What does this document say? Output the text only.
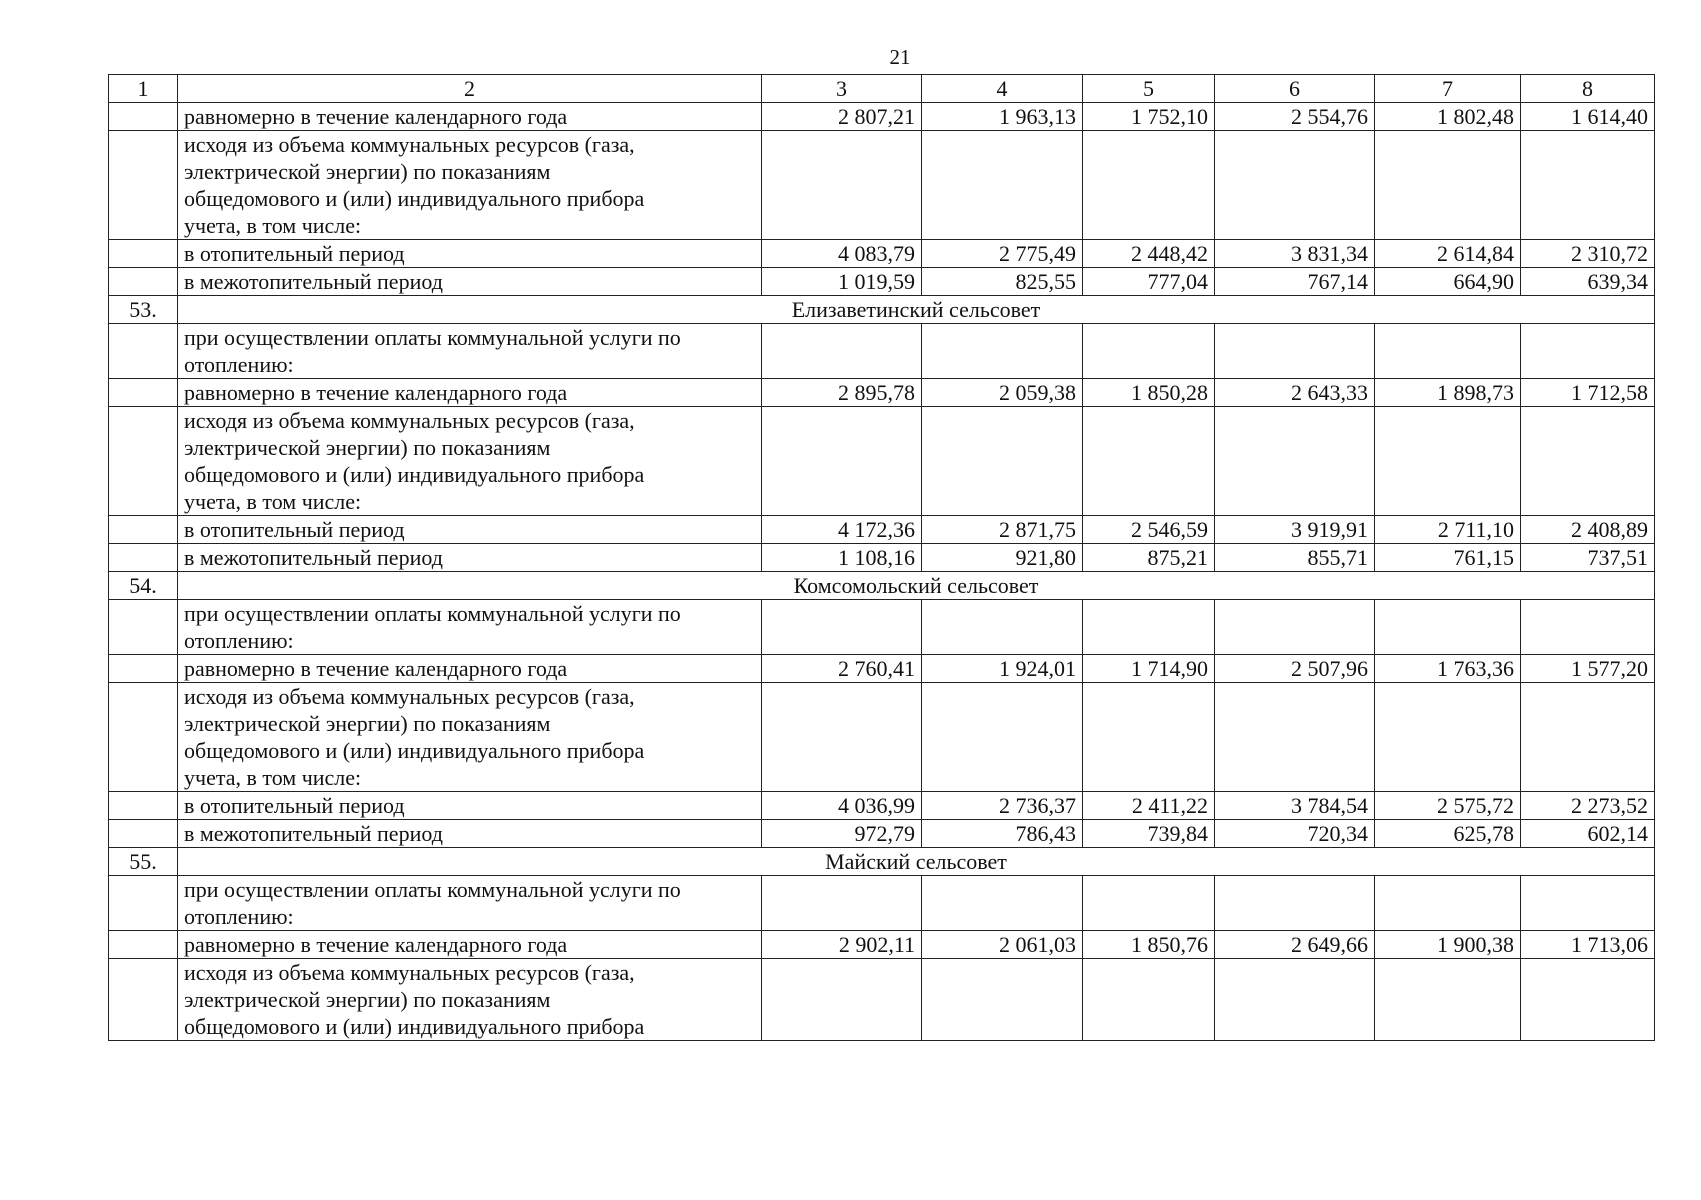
21
1	2	3	4	5	6	7	8

	равномерно в течение календарного года	2 807,21	1 963,13	1 752,10	2 554,76	1 802,48	1 614,40

	исходя из объема коммунальных ресурсов (газа,
электрической энергии) по показаниям
общедомового и (или) индивидуального прибора
учета, в том числе:						

	в отопительный период	4 083,79	2 775,49	2 448,42	3 831,34	2 614,84	2 310,72

	в межотопительный период	1 019,59	825,55	777,04	767,14	664,90	639,34
53.	Елизаветинский сельсовет						

	при осуществлении оплаты коммунальной услуги по
отоплению:						

	равномерно в течение календарного года	2 895,78	2 059,38	1 850,28	2 643,33	1 898,73	1 712,58

	исходя из объема коммунальных ресурсов (газа,
электрической энергии) по показаниям
общедомового и (или) индивидуального прибора
учета, в том числе:						

	в отопительный период	4 172,36	2 871,75	2 546,59	3 919,91	2 711,10	2 408,89

	в межотопительный период	1 108,16	921,80	875,21	855,71	761,15	737,51
54.	Комсомольский сельсовет						

	при осуществлении оплаты коммунальной услуги по
отоплению:						

	равномерно в течение календарного года	2 760,41	1 924,01	1 714,90	2 507,96	1 763,36	1 577,20

	исходя из объема коммунальных ресурсов (газа,
электрической энергии) по показаниям
общедомового и (или) индивидуального прибора
учета, в том числе:						

	в отопительный период	4 036,99	2 736,37	2 411,22	3 784,54	2 575,72	2 273,52

	в межотопительный период	972,79	786,43	739,84	720,34	625,78	602,14
55.	Майский сельсовет						

	при осуществлении оплаты коммунальной услуги по
отоплению:						

	равномерно в течение календарного года	2 902,11	2 061,03	1 850,76	2 649,66	1 900,38	1 713,06

	исходя из объема коммунальных ресурсов (газа,
электрической энергии) по показаниям
общедомового и (или) индивидуального прибора						
